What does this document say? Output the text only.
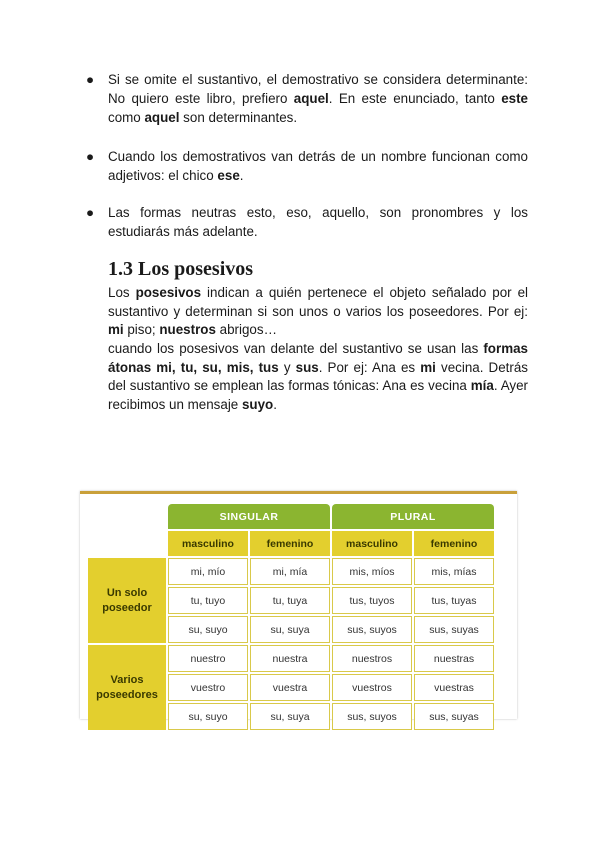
●	Si se omite el sustantivo, el demostrativo se considera determinante: No quiero este libro, prefiero aquel. En este enunciado, tanto este como aquel son determinantes.
●	Cuando los demostrativos van detrás de un nombre funcionan como adjetivos: el chico ese.
●	Las formas neutras esto, eso, aquello, son pronombres y los estudiarás más adelante.
1.3 Los posesivos
Los posesivos indican a quién pertenece el objeto señalado por el sustantivo y determinan si son unos o varios los poseedores. Por ej: mi piso; nuestros abrigos…
cuando los posesivos van delante del sustantivo se usan las formas átonas mi, tu, su, mis, tus y sus. Por ej: Ana es mi vecina. Detrás del sustantivo se emplean las formas tónicas: Ana es vecina mía. Ayer recibimos un mensaje suyo.
	SINGULAR		PLURAL	
	masculino	femenino	masculino	femenino
Un solo poseedor	mi, mío	mi, mía	mis, míos	mis, mías
	tu, tuyo	tu, tuya	tus, tuyos	tus, tuyas
	su, suyo	su, suya	sus, suyos	sus, suyas
Varios poseedores	nuestro	nuestra	nuestros	nuestras
	vuestro	vuestra	vuestros	vuestras
	su, suyo	su, suya	sus, suyos	sus, suyas
